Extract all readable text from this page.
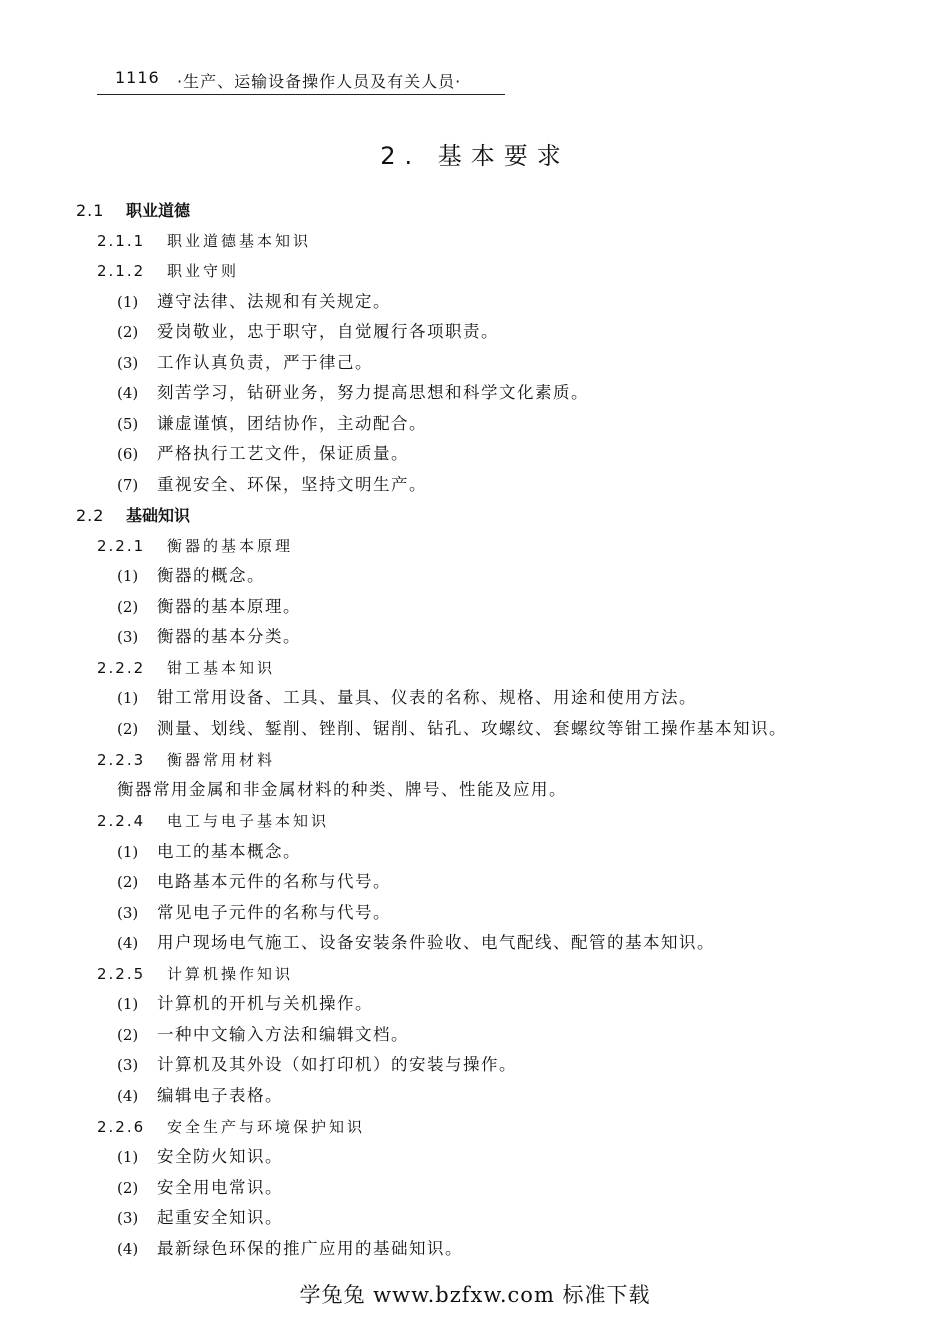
1116 ·生产、运输设备操作人员及有关人员·
2. 基本要求
2.1 职业道德
2.1.1 职业道德基本知识
2.1.2 职业守则
(1) 遵守法律、法规和有关规定。
(2) 爱岗敬业，忠于职守，自觉履行各项职责。
(3) 工作认真负责，严于律己。
(4) 刻苦学习，钻研业务，努力提高思想和科学文化素质。
(5) 谦虚谨慎，团结协作，主动配合。
(6) 严格执行工艺文件，保证质量。
(7) 重视安全、环保，坚持文明生产。
2.2 基础知识
2.2.1 衡器的基本原理
(1) 衡器的概念。
(2) 衡器的基本原理。
(3) 衡器的基本分类。
2.2.2 钳工基本知识
(1) 钳工常用设备、工具、量具、仪表的名称、规格、用途和使用方法。
(2) 测量、划线、錾削、锉削、锯削、钻孔、攻螺纹、套螺纹等钳工操作基本知识。
2.2.3 衡器常用材料
衡器常用金属和非金属材料的种类、牌号、性能及应用。
2.2.4 电工与电子基本知识
(1) 电工的基本概念。
(2) 电路基本元件的名称与代号。
(3) 常见电子元件的名称与代号。
(4) 用户现场电气施工、设备安装条件验收、电气配线、配管的基本知识。
2.2.5 计算机操作知识
(1) 计算机的开机与关机操作。
(2) 一种中文输入方法和编辑文档。
(3) 计算机及其外设（如打印机）的安装与操作。
(4) 编辑电子表格。
2.2.6 安全生产与环境保护知识
(1) 安全防火知识。
(2) 安全用电常识。
(3) 起重安全知识。
(4) 最新绿色环保的推广应用的基础知识。
学兔兔 www.bzfxw.com 标准下载
